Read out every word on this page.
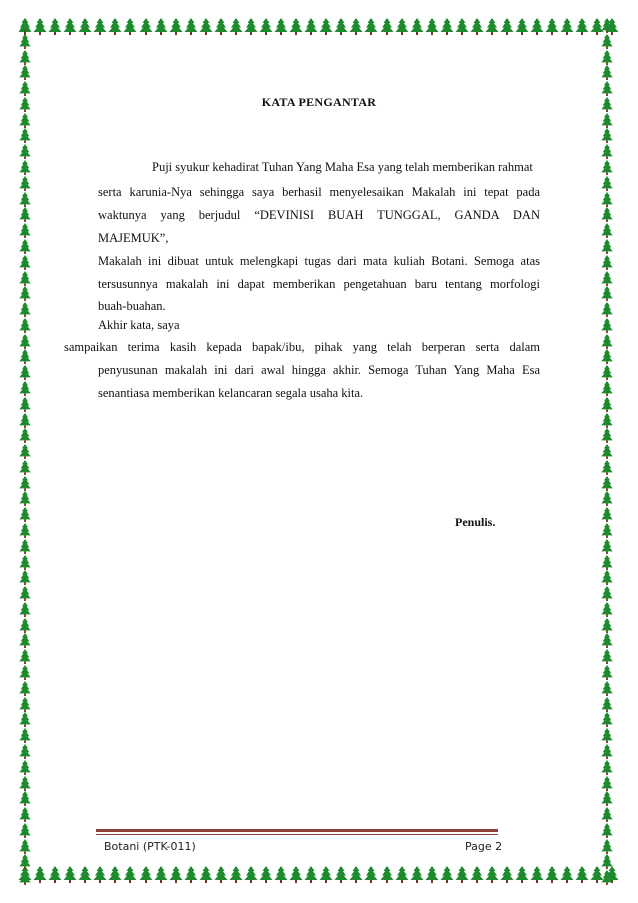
KATA PENGANTAR
Puji syukur kehadirat Tuhan Yang Maha Esa yang telah memberikan rahmat
serta karunia-Nya sehingga saya berhasil menyelesaikan Makalah ini tepat pada
waktunya yang berjudul “DEVINISI BUAH TUNGGAL, GANDA DAN
MAJEMUK”,
Makalah ini dibuat untuk melengkapi tugas dari mata kuliah Botani. Semoga atas
tersusunnya makalah ini dapat memberikan pengetahuan baru tentang morfologi
buah-buahan.
Akhir kata, saya
sampaikan terima kasih kepada bapak/ibu, pihak yang telah berperan serta dalam
penyusunan makalah ini dari awal hingga akhir. Semoga Tuhan Yang Maha Esa
senantiasa memberikan kelancaran segala usaha kita.
Penulis.
Botani (PTK-011)	Page 2
